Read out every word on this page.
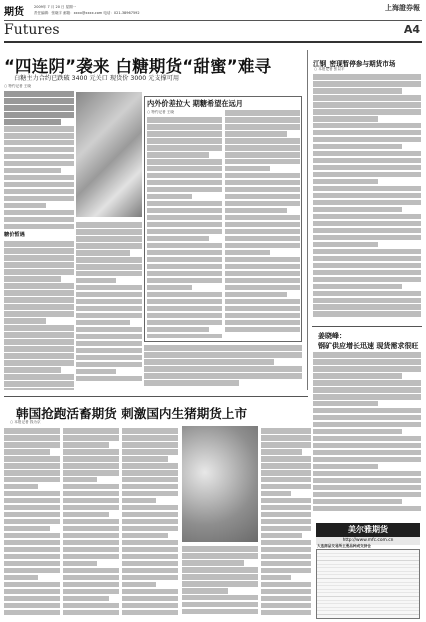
期货	2009年 7 月 20 日 星期一
责任编辑：张晓宇 邮箱：xxxx@xxxx.com 电话：021-38967592
上海證券報
Futures	A4
“四连阴”袭来 白糖期货“甜蜜”难寻
白糖主力合约已跌破 3400 元关口 现货价 3000 元支撑可用
江钢_密现暂停参与期货市场
○ 本报记者 张以平
姜晓峰：
钢矿供应增长迅速 现货需求很旺
○ 特约记者 王晓
糖价暂遇
内外价差拉大 期糖希望在远月
○ 特约记者 王晓
韩国抢跑活畜期货 刺激国内生猪期货上市
○ 本报记者 钱为京
美尔雅期货
http://www.mfc.com.cn
大连商品交易所主要品种成交持仓
